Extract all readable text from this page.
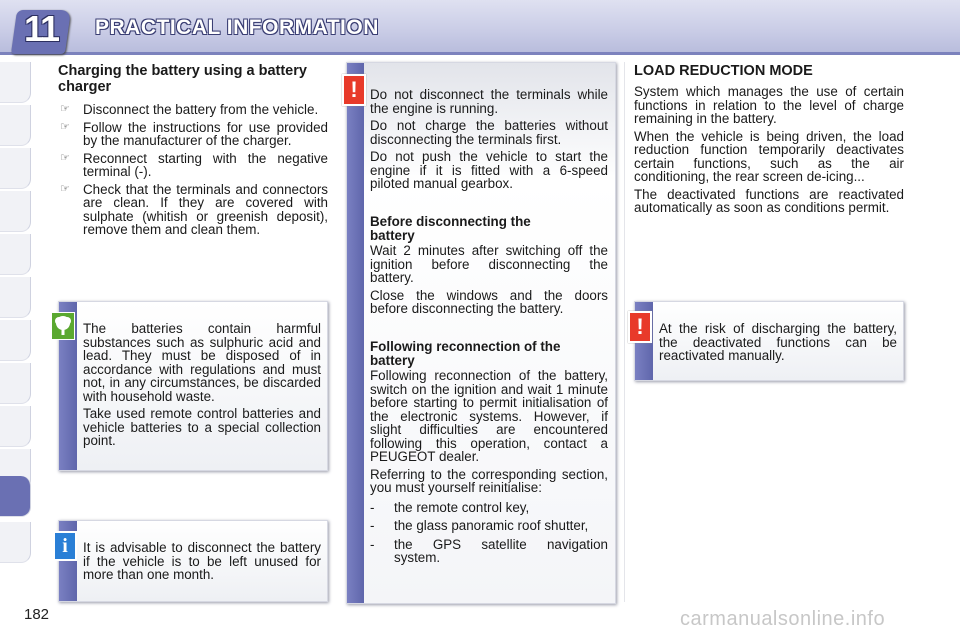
11	PRACTICAL INFORMATION
Charging the battery using a battery charger
☞ Disconnect the battery from the vehicle.
☞ Follow the instructions for use provided by the manufacturer of the charger.
☞ Reconnect starting with the negative terminal (-).
☞ Check that the terminals and connectors are clean. If they are covered with sulphate (whitish or greenish deposit), remove them and clean them.

The batteries contain harmful substances such as sulphuric acid and lead. They must be disposed of in accordance with regulations and must not, in any circumstances, be discarded with household waste.

Take used remote control batteries and vehicle batteries to a special collection point.

i	It is advisable to disconnect the battery if the vehicle is to be left unused for more than one month.
! Do not disconnect the terminals while the engine is running.

Do not charge the batteries without disconnecting the terminals first.

Do not push the vehicle to start the engine if it is fitted with a 6-speed piloted manual gearbox.

Before disconnecting the battery

Wait 2 minutes after switching off the ignition before disconnecting the battery.

Close the windows and the doors before disconnecting the battery.

Following reconnection of the battery

Following reconnection of the battery, switch on the ignition and wait 1 minute before starting to permit initialisation of the electronic systems. However, if slight difficulties are encountered following this operation, contact a PEUGEOT dealer.

Referring to the corresponding section, you must yourself reinitialise:

- the remote control key,
- the glass panoramic roof shutter,
- the GPS satellite navigation system.
LOAD REDUCTION MODE

System which manages the use of certain functions in relation to the level of charge remaining in the battery.

When the vehicle is being driven, the load reduction function temporarily deactivates certain functions, such as the air conditioning, the rear screen de-icing...

The deactivated functions are reactivated automatically as soon as conditions permit.

!	At the risk of discharging the battery, the deactivated functions can be reactivated manually.
182	carmanualsonline.info
